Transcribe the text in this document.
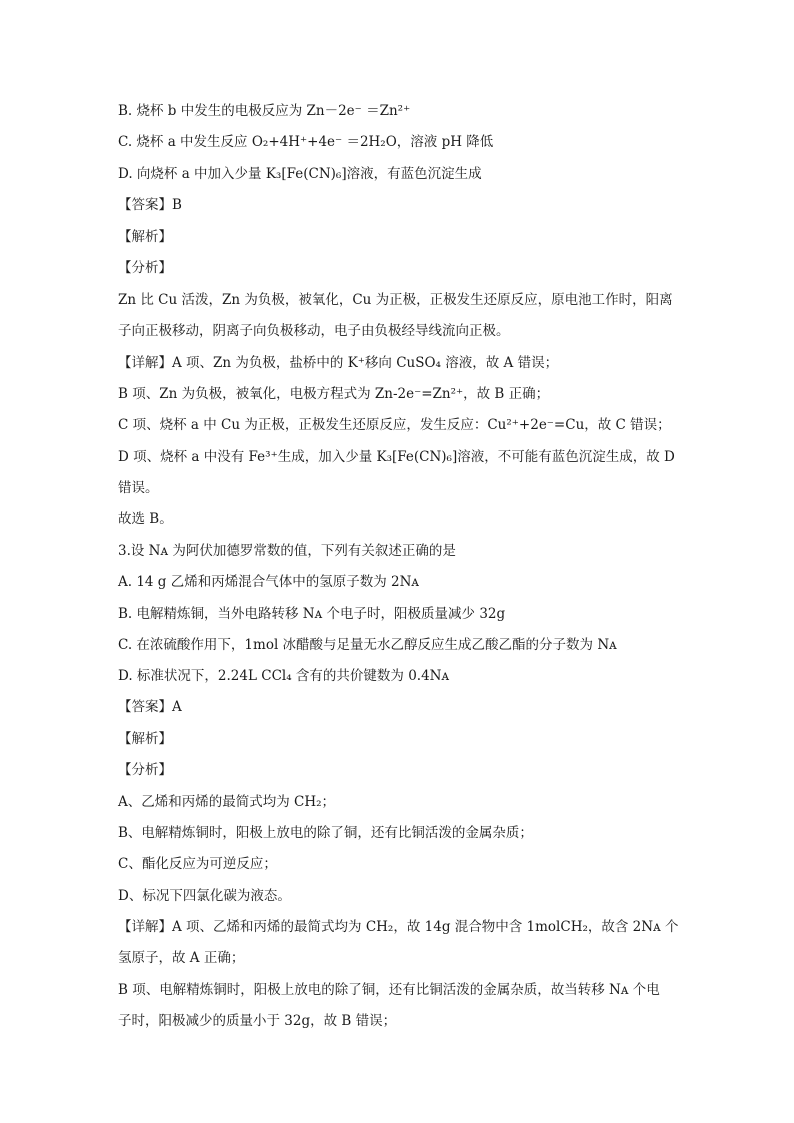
B. 烧杯 b 中发生的电极反应为 Zn－2e⁻ ＝Zn²⁺
C. 烧杯 a 中发生反应 O₂+4H⁺+4e⁻ ＝2H₂O，溶液 pH 降低
D. 向烧杯 a 中加入少量 K₃[Fe(CN)₆]溶液，有蓝色沉淀生成
【答案】B
【解析】
【分析】
Zn 比 Cu 活泼，Zn 为负极，被氧化，Cu 为正极，正极发生还原反应，原电池工作时，阳离
子向正极移动，阴离子向负极移动，电子由负极经导线流向正极。
【详解】A 项、Zn 为负极，盐桥中的 K⁺移向 CuSO₄ 溶液，故 A 错误；
B 项、Zn 为负极，被氧化，电极方程式为 Zn-2e⁻=Zn²⁺，故 B 正确；
C 项、烧杯 a 中 Cu 为正极，正极发生还原反应，发生反应：Cu²⁺+2e⁻=Cu，故 C 错误；
D 项、烧杯 a 中没有 Fe³⁺生成，加入少量 K₃[Fe(CN)₆]溶液，不可能有蓝色沉淀生成，故 D
错误。
故选 B。
3.设 Nᴀ 为阿伏加德罗常数的值，下列有关叙述正确的是
A. 14 g 乙烯和丙烯混合气体中的氢原子数为 2Nᴀ
B. 电解精炼铜，当外电路转移 Nᴀ 个电子时，阳极质量减少 32g
C. 在浓硫酸作用下，1mol 冰醋酸与足量无水乙醇反应生成乙酸乙酯的分子数为 Nᴀ
D. 标准状况下，2.24L CCl₄ 含有的共价键数为 0.4Nᴀ
【答案】A
【解析】
【分析】
A、乙烯和丙烯的最简式均为 CH₂；
B、电解精炼铜时，阳极上放电的除了铜，还有比铜活泼的金属杂质；
C、酯化反应为可逆反应；
D、标况下四氯化碳为液态。
【详解】A 项、乙烯和丙烯的最简式均为 CH₂，故 14g 混合物中含 1molCH₂，故含 2Nᴀ 个
氢原子，故 A 正确；
B 项、电解精炼铜时，阳极上放电的除了铜，还有比铜活泼的金属杂质，故当转移 Nᴀ 个电
子时，阳极减少的质量小于 32g，故 B 错误；
